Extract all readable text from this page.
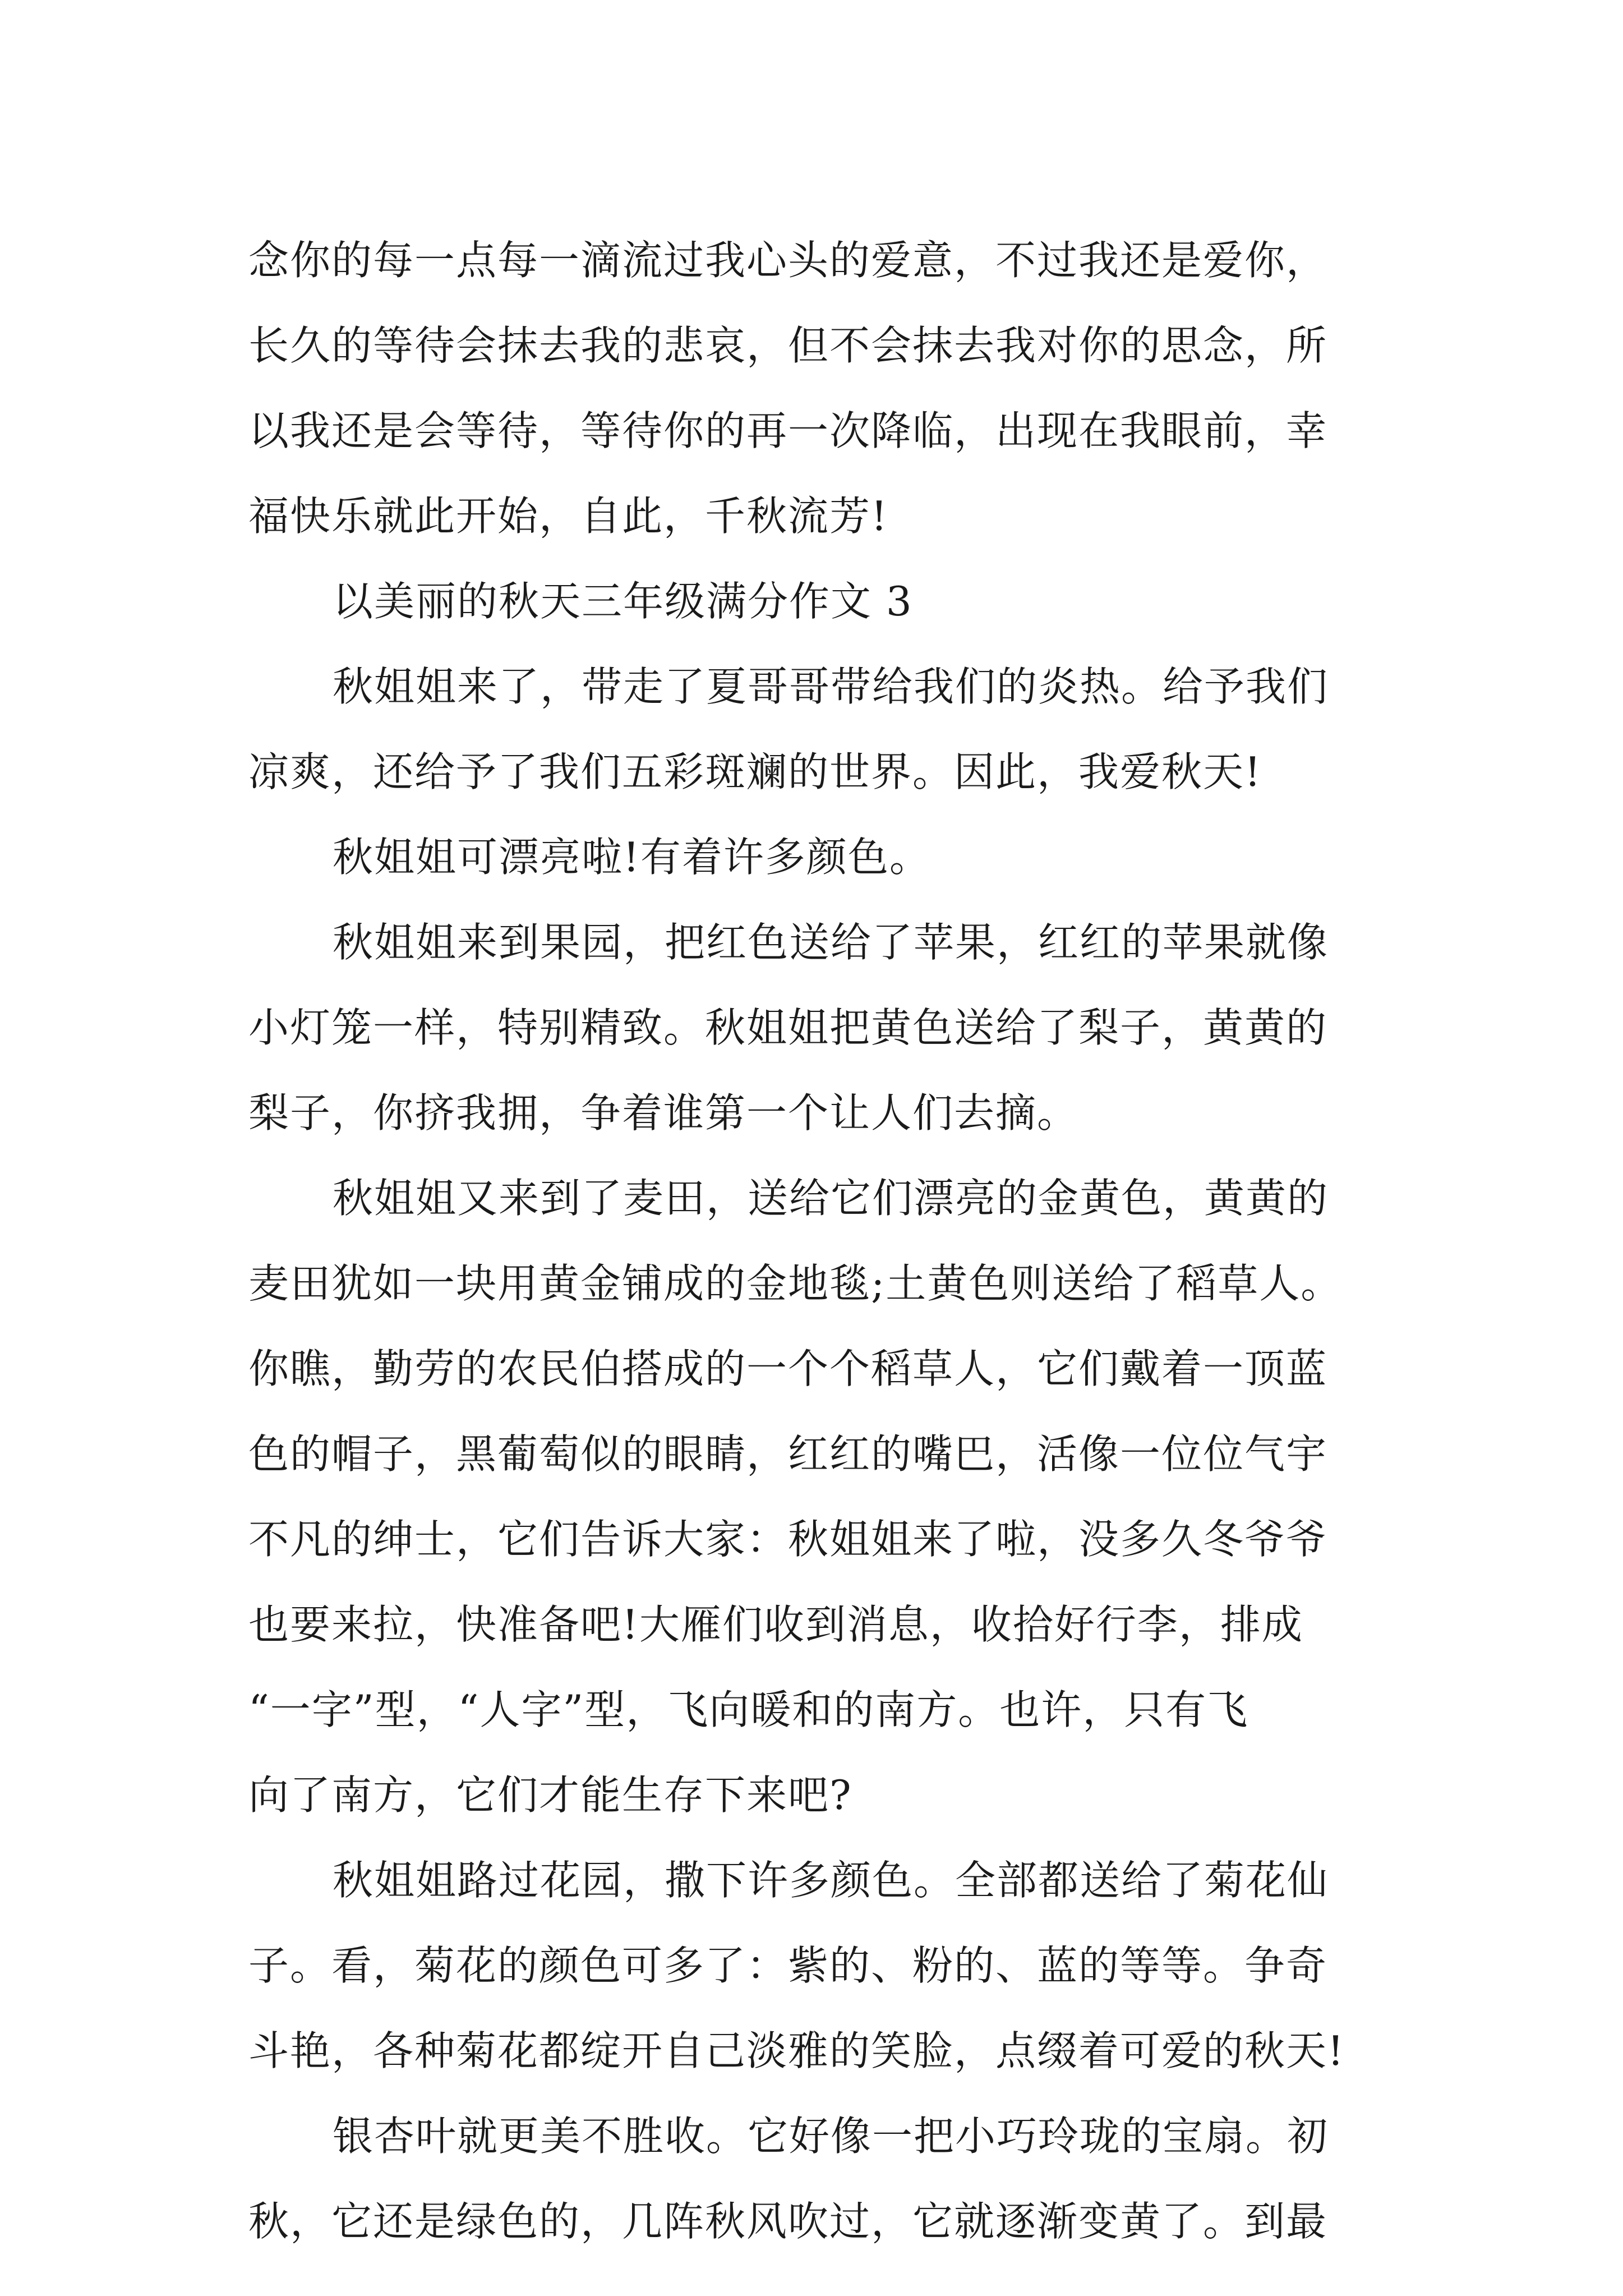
念你的每一点每一滴流过我心头的爱意，不过我还是爱你，
长久的等待会抹去我的悲哀，但不会抹去我对你的思念，所
以我还是会等待，等待你的再一次降临，出现在我眼前，幸
福快乐就此开始，自此，千秋流芳!
以美丽的秋天三年级满分作文 3
秋姐姐来了，带走了夏哥哥带给我们的炎热。给予我们
凉爽，还给予了我们五彩斑斓的世界。因此，我爱秋天!
秋姐姐可漂亮啦!有着许多颜色。
秋姐姐来到果园，把红色送给了苹果，红红的苹果就像
小灯笼一样，特别精致。秋姐姐把黄色送给了梨子，黄黄的
梨子，你挤我拥，争着谁第一个让人们去摘。
秋姐姐又来到了麦田，送给它们漂亮的金黄色，黄黄的
麦田犹如一块用黄金铺成的金地毯;土黄色则送给了稻草人。
你瞧，勤劳的农民伯搭成的一个个稻草人，它们戴着一顶蓝
色的帽子，黑葡萄似的眼睛，红红的嘴巴，活像一位位气宇
不凡的绅士，它们告诉大家：秋姐姐来了啦，没多久冬爷爷
也要来拉，快准备吧!大雁们收到消息，收拾好行李，排成
“一字”型，“人字”型，飞向暖和的南方。也许，只有飞
向了南方，它们才能生存下来吧?
秋姐姐路过花园，撒下许多颜色。全部都送给了菊花仙
子。看，菊花的颜色可多了：紫的、粉的、蓝的等等。争奇
斗艳，各种菊花都绽开自己淡雅的笑脸，点缀着可爱的秋天!
银杏叶就更美不胜收。它好像一把小巧玲珑的宝扇。初
秋，它还是绿色的，几阵秋风吹过，它就逐渐变黄了。到最
